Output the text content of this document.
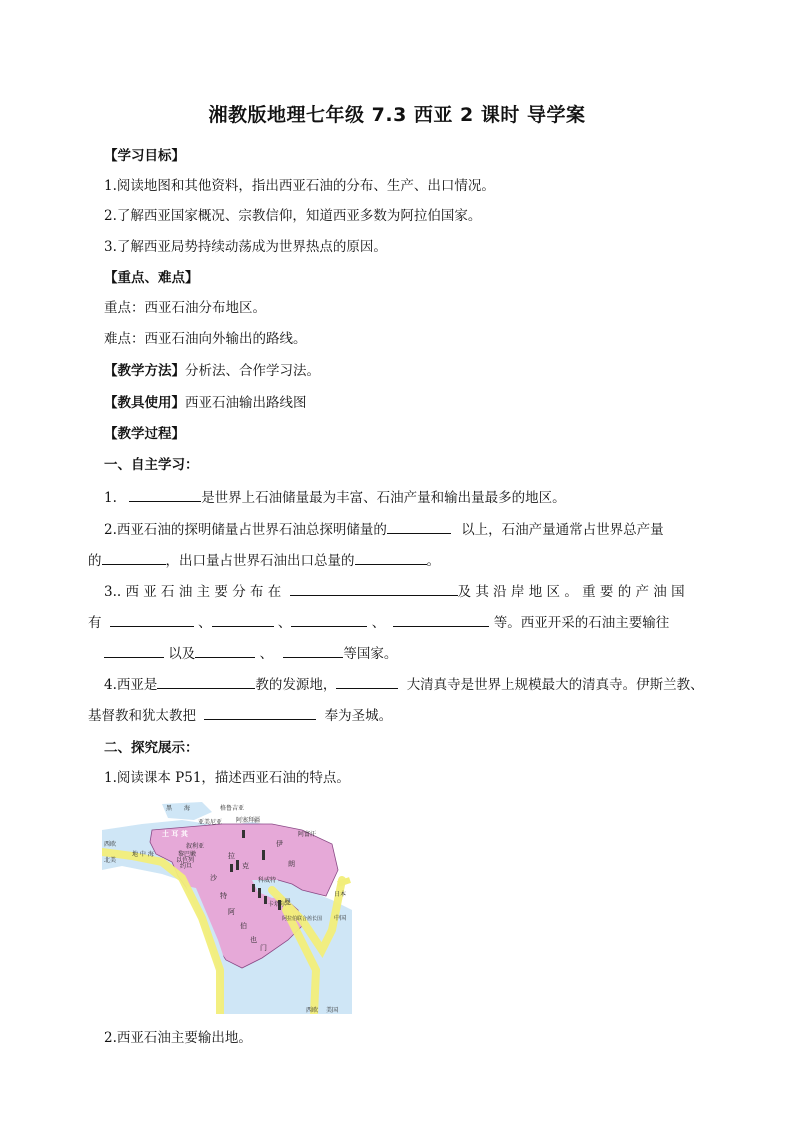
湘教版地理七年级 7.3 西亚 2 课时 导学案
【学习目标】
1.阅读地图和其他资料，指出西亚石油的分布、生产、出口情况。
2.了解西亚国家概况、宗教信仰，知道西亚多数为阿拉伯国家。
3.了解西亚局势持续动荡成为世界热点的原因。
【重点、难点】
重点：西亚石油分布地区。
难点：西亚石油向外输出的路线。
【教学方法】分析法、合作学习法。
【教具使用】西亚石油输出路线图
【教学过程】
一、自主学习：
1.	是世界上石油储量最为丰富、石油产量和输出量最多的地区。
2.西亚石油的探明储量占世界石油总探明储量的	以上，石油产量通常占世界总产量
的	，出口量占世界石油出口总量的	。
3.. 西 亚 石 油 主 要 分 布 在	及 其 沿 岸 地 区 。 重 要 的 产 油 国
有	、	、	、	等。西亚开采的石油主要输往
以及	、	等国家。
4.西亚是	教的发源地，	大清真寺是世界上规模最大的清真寺。伊斯兰教、
基督教和犹太教把	奉为圣城。
二、探究展示：
1.阅读课本 P51，描述西亚石油的特点。
黑 海	格鲁吉亚
亚美尼亚 阿塞拜疆
土 耳 其
叙利亚
黎巴嫩
以色列
约旦
伊
朗
拉
克
阿富汗
沙
特
阿
伯
科威特
卡塔尔
阿拉伯联合酋长国
也
门
曼
西欧
北美
地 中 海
日本
中国
西欧 美国
2.西亚石油主要输出地。
